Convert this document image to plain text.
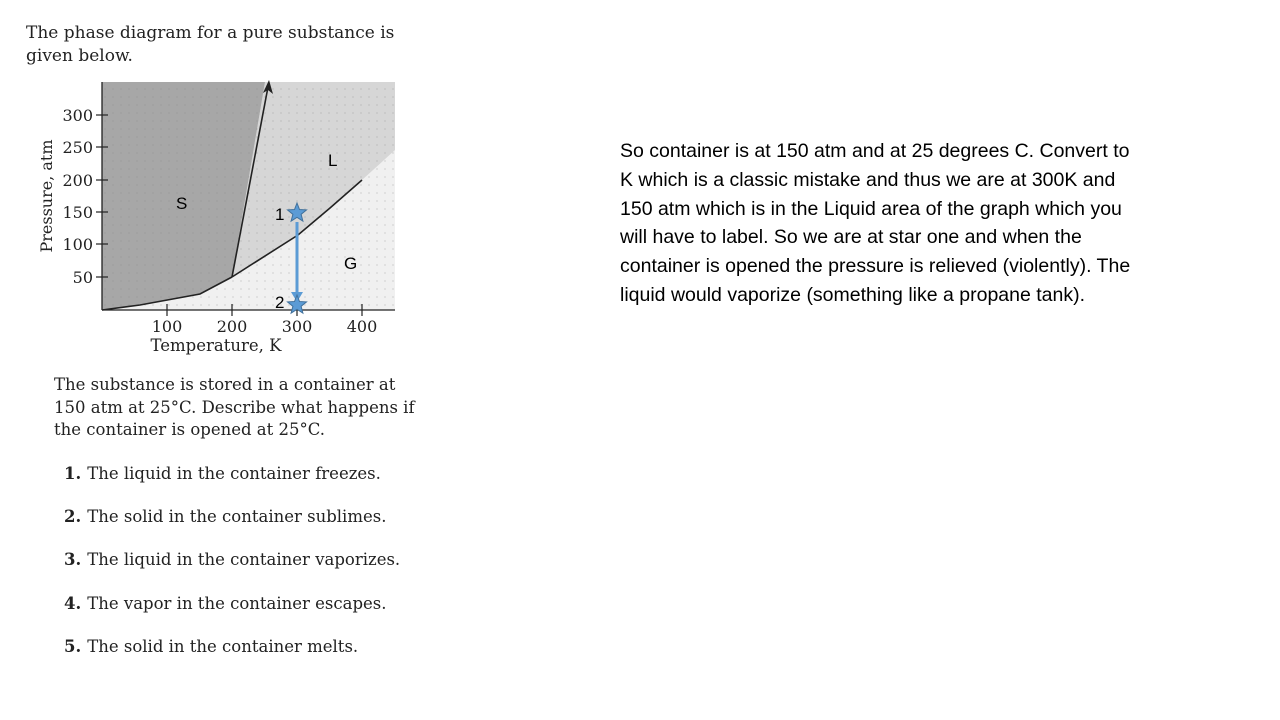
The phase diagram for a pure substance is given below.
300
250
200
150
100
50
100 200 300 400
Temperature, K
Pressure, atm	S
L
G
1
2
The substance is stored in a container at 150 atm at 25°C. Describe what happens if the container is opened at 25°C.
1. The liquid in the container freezes.
2. The solid in the container sublimes.
3. The liquid in the container vaporizes.
4. The vapor in the container escapes.
5. The solid in the container melts.
So container is at 150 atm and at 25 degrees C. Convert to K which is a classic mistake and thus we are at 300K and 150 atm which is in the Liquid area of the graph which you will have to label. So we are at star one and when the container is opened the pressure is relieved (violently). The liquid would vaporize (something like a propane tank).
